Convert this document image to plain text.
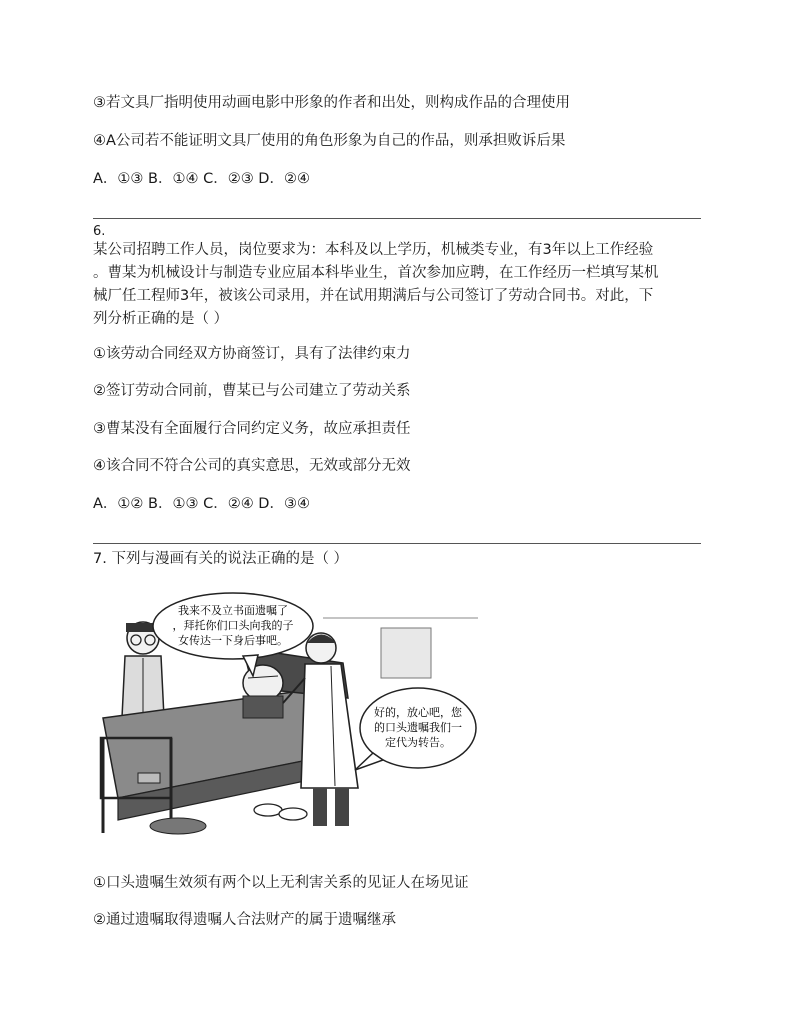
③若文具厂指明使用动画电影中形象的作者和出处，则构成作品的合理使用
④A公司若不能证明文具厂使用的角色形象为自己的作品，则承担败诉后果
A．①③ B．①④ C．②③ D．②④
6.
某公司招聘工作人员，岗位要求为：本科及以上学历，机械类专业，有3年以上工作经验
。曹某为机械设计与制造专业应届本科毕业生，首次参加应聘，在工作经历一栏填写某机
械厂任工程师3年，被该公司录用，并在试用期满后与公司签订了劳动合同书。对此，下
列分析正确的是（ ）
①该劳动合同经双方协商签订，具有了法律约束力
②签订劳动合同前，曹某已与公司建立了劳动关系
③曹某没有全面履行合同约定义务，故应承担责任
④该合同不符合公司的真实意思，无效或部分无效
A．①② B．①③ C．②④ D．③④
7. 下列与漫画有关的说法正确的是（ ）
我来不及立书面遗嘱了
，拜托你们口头向我的子
女传达一下身后事吧。
好的，放心吧，您
的口头遗嘱我们一
定代为转告。
①口头遗嘱生效须有两个以上无利害关系的见证人在场见证
②通过遗嘱取得遗嘱人合法财产的属于遗嘱继承
